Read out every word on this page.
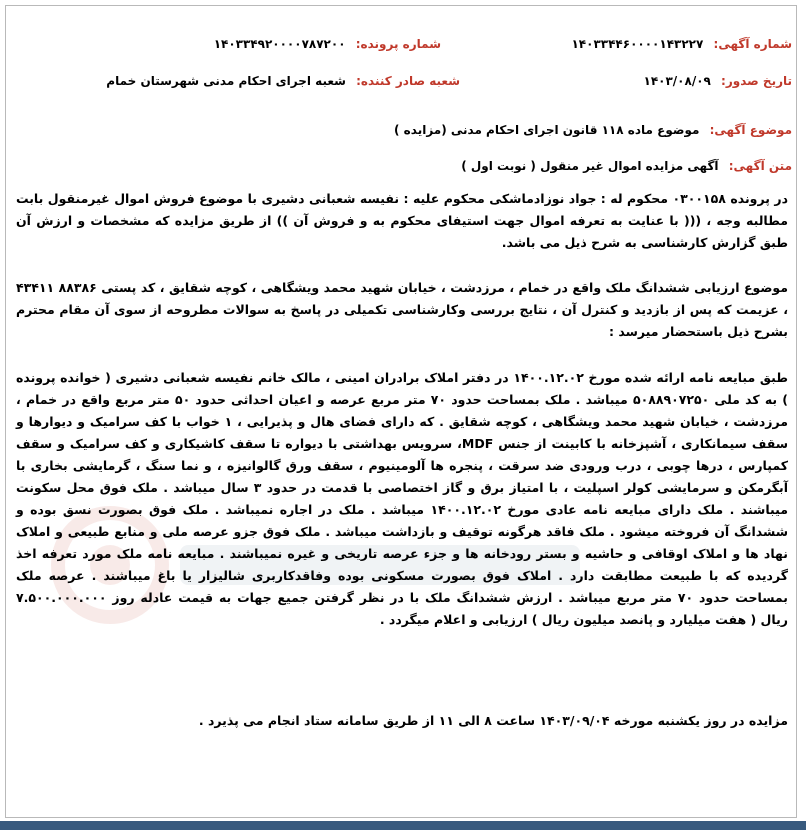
شماره آگهی: ۱۴۰۳۳۴۴۶۰۰۰۰۱۴۳۲۲۷
شماره پرونده: ۱۴۰۳۳۴۹۲۰۰۰۰۷۸۷۲۰۰
تاریخ صدور: ۱۴۰۳/۰۸/۰۹
شعبه صادر کننده: شعبه اجرای احکام مدنی شهرستان خمام
موضوع آگهی: موضوع ماده ۱۱۸ قانون اجرای احکام مدنی (مزایده )
متن آگهی: آگهی مزایده اموال غیر منقول ( نوبت اول )

در پرونده ۰۳۰۰۱۵۸ محکوم له : جواد نوزادماشکی محکوم علیه : نفیسه شعبانی دشیری با موضوع فروش اموال غیرمنقول بابت مطالبه وجه ، ((( با عنایت به تعرفه اموال جهت استیفای محکوم به و فروش آن )) از طریق مزایده که مشخصات و ارزش آن طبق گزارش کارشناسی به شرح ذیل می باشد.

موضوع ارزیابی ششدانگ ملک واقع در خمام ، مرزدشت ، خیابان شهید محمد ویشگاهی ، کوچه شقایق ، کد پستی ۸۸۳۸۶ ۴۳۴۱۱ ، عزیمت که پس از بازدید و کنترل آن ، نتایج بررسی وکارشناسی تکمیلی در پاسخ به سوالات مطروحه از سوی آن مقام محترم بشرح ذیل باستحضار میرسد :

طبق مبایعه نامه ارائه شده مورخ ۱۴۰۰.۱۲.۰۲ در دفتر املاک برادران امینی ، مالک خانم نفیسه شعبانی دشیری ( خوانده پرونده ) به کد ملی ۵۰۸۸۹۰۷۲۵۰ میباشد . ملک بمساحت حدود ۷۰ متر مربع عرصه و اعیان احداثی حدود ۵۰ متر مربع واقع در خمام ، مرزدشت ، خیابان شهید محمد ویشگاهی ، کوچه شقایق . که دارای فضای هال و پذیرایی ، ۱ خواب با کف سرامیک و دیوارها و سقف سیمانکاری ، آشپزخانه با کابینت از جنس MDF، سرویس بهداشتی با دیواره تا سقف کاشیکاری و کف سرامیک و سقف کمپارس ، درها چوبی ، درب ورودی ضد سرقت ، پنجره ها آلومینیوم ، سقف ورق گالوانیزه ، و نما سنگ ، گرمایشی بخاری با آبگرمکن و سرمایشی کولر اسپلیت ، با امتیاز برق و گاز اختصاصی با قدمت در حدود ۳ سال میباشد . ملک فوق محل سکونت میباشند . ملک دارای مبایعه نامه عادی مورخ ۱۴۰۰.۱۲.۰۲ میباشد . ملک در اجاره نمیباشد . ملک فوق بصورت نسق بوده و ششدانگ آن فروخته میشود . ملک فاقد هرگونه توقیف و بازداشت میباشد . ملک فوق جزو عرصه ملی و منابع طبیعی و املاک نهاد ها و املاک اوقافی و حاشیه و بستر رودخانه ها و جزء عرصه تاریخی و غیره نمیباشند . مبایعه نامه ملک مورد تعرفه اخذ گردیده که با طبیعت مطابقت دارد . املاک فوق بصورت مسکونی بوده وفاقدکاربری شالیزار یا باغ میباشند . عرصه ملک بمساحت حدود ۷۰ متر مربع میباشد . ارزش ششدانگ ملک با در نظر گرفتن جمیع جهات به قیمت عادله روز ۷.۵۰۰.۰۰۰.۰۰۰ ریال ( هفت میلیارد و پانصد میلیون ریال ) ارزیابی و اعلام میگردد .

مزایده در روز یکشنبه مورخه ۱۴۰۳/۰۹/۰۴ ساعت ۸ الی ۱۱ از طریق سامانه ستاد انجام می پذیرد .
